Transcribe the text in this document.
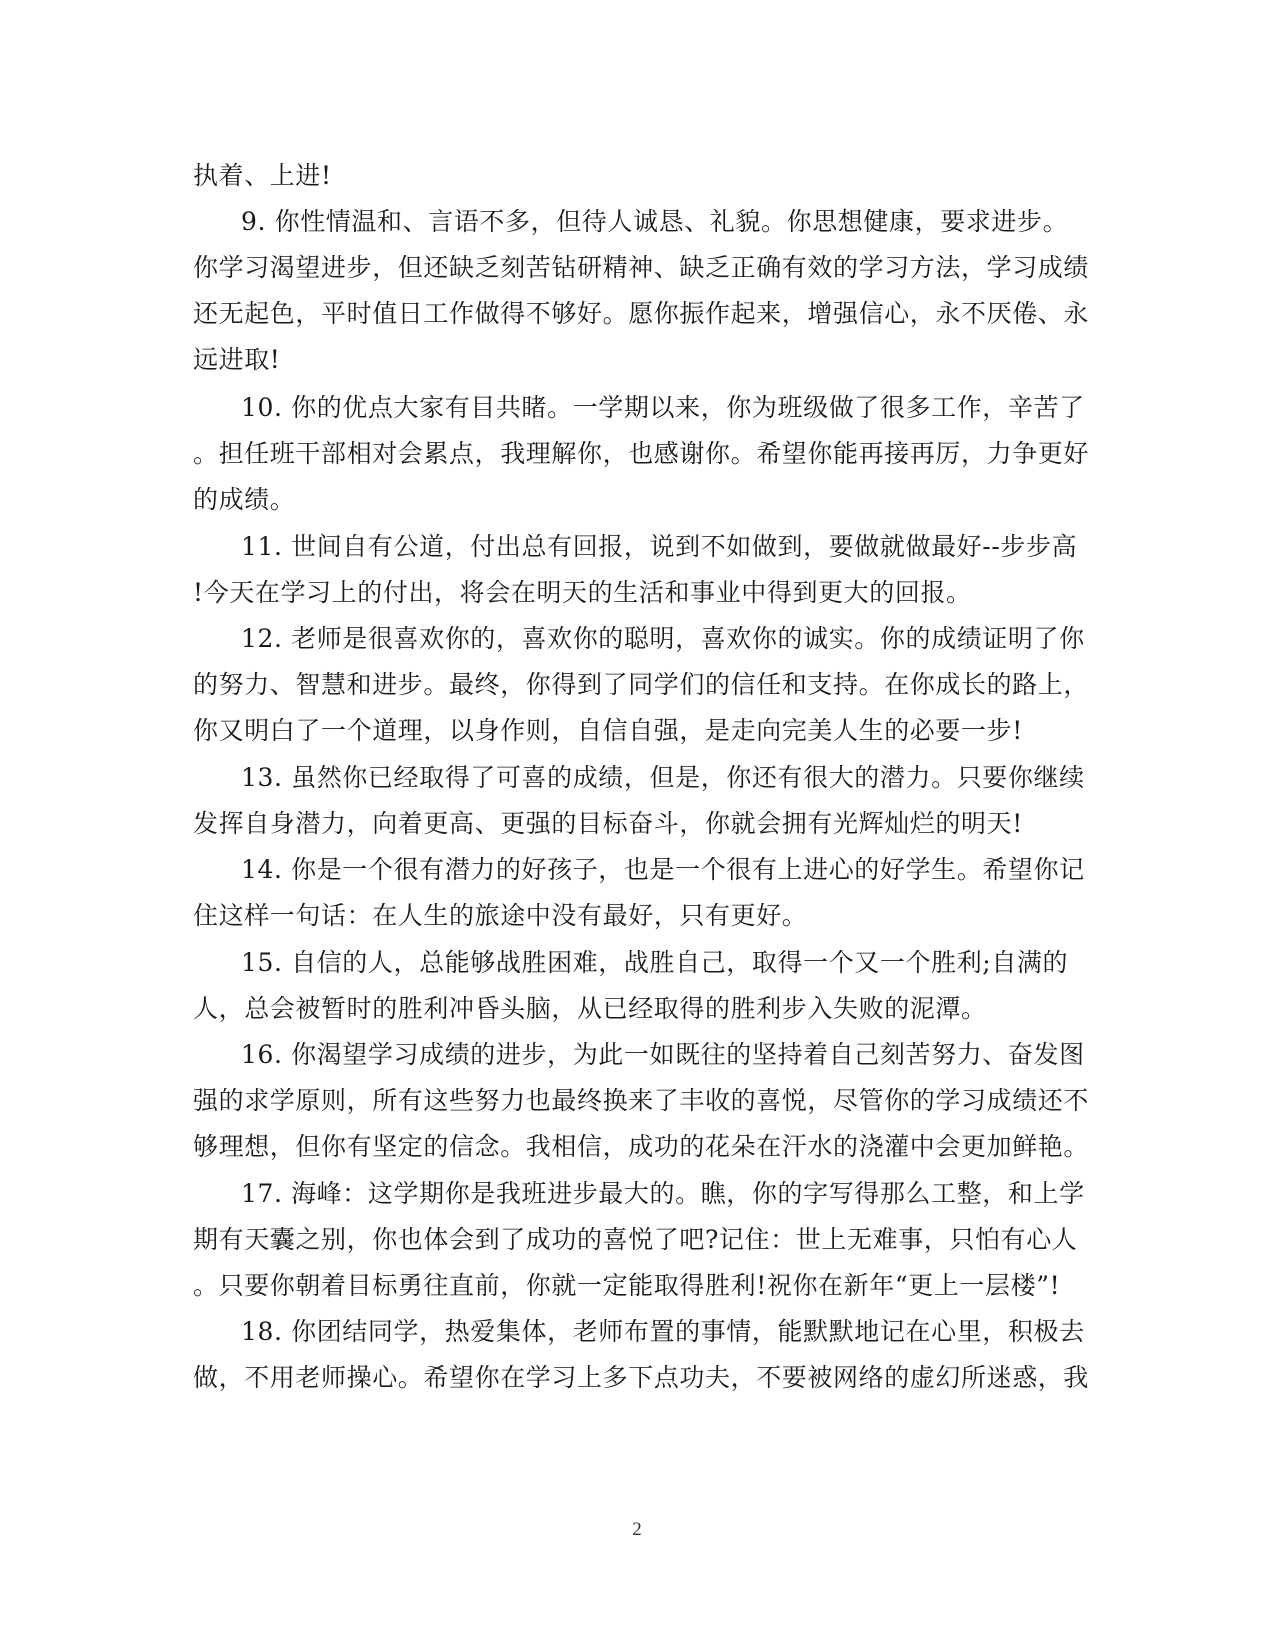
执着、上进!
9. 你性情温和、言语不多，但待人诚恳、礼貌。你思想健康，要求进步。
你学习渴望进步，但还缺乏刻苦钻研精神、缺乏正确有效的学习方法，学习成绩
还无起色，平时值日工作做得不够好。愿你振作起来，增强信心，永不厌倦、永
远进取!
10. 你的优点大家有目共睹。一学期以来，你为班级做了很多工作，辛苦了
。担任班干部相对会累点，我理解你，也感谢你。希望你能再接再厉，力争更好
的成绩。
11. 世间自有公道，付出总有回报，说到不如做到，要做就做最好--步步高
!今天在学习上的付出，将会在明天的生活和事业中得到更大的回报。
12. 老师是很喜欢你的，喜欢你的聪明，喜欢你的诚实。你的成绩证明了你
的努力、智慧和进步。最终，你得到了同学们的信任和支持。在你成长的路上，
你又明白了一个道理，以身作则，自信自强，是走向完美人生的必要一步!
13. 虽然你已经取得了可喜的成绩，但是，你还有很大的潜力。只要你继续
发挥自身潜力，向着更高、更强的目标奋斗，你就会拥有光辉灿烂的明天!
14. 你是一个很有潜力的好孩子，也是一个很有上进心的好学生。希望你记
住这样一句话：在人生的旅途中没有最好，只有更好。
15. 自信的人，总能够战胜困难，战胜自己，取得一个又一个胜利;自满的
人，总会被暂时的胜利冲昏头脑，从已经取得的胜利步入失败的泥潭。
16. 你渴望学习成绩的进步，为此一如既往的坚持着自己刻苦努力、奋发图
强的求学原则，所有这些努力也最终换来了丰收的喜悦，尽管你的学习成绩还不
够理想，但你有坚定的信念。我相信，成功的花朵在汗水的浇灌中会更加鲜艳。
17. 海峰：这学期你是我班进步最大的。瞧，你的字写得那么工整，和上学
期有天囊之别，你也体会到了成功的喜悦了吧?记住：世上无难事，只怕有心人
。只要你朝着目标勇往直前，你就一定能取得胜利!祝你在新年“更上一层楼”!
18. 你团结同学，热爱集体，老师布置的事情，能默默地记在心里，积极去
做，不用老师操心。希望你在学习上多下点功夫，不要被网络的虚幻所迷惑，我
2
